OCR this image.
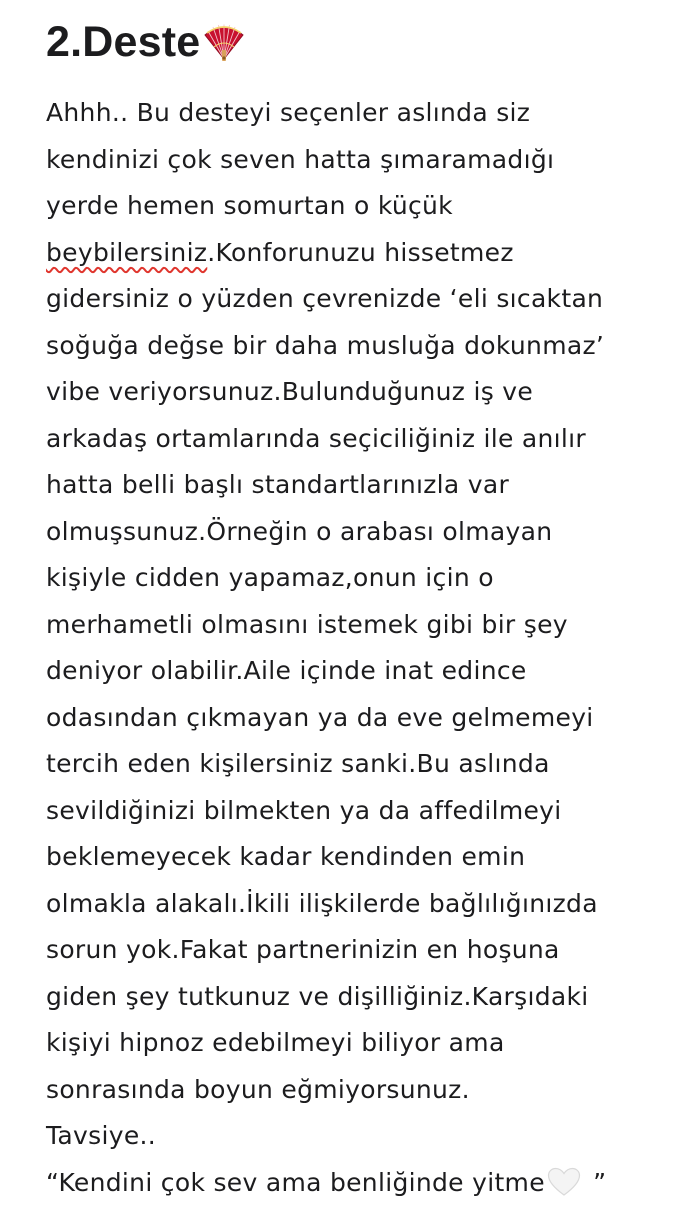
2.Deste
Ahhh.. Bu desteyi seçenler aslında siz
kendinizi çok seven hatta şımaramadığı
yerde hemen somurtan o küçük
beybilersiniz.Konforunuzu hissetmez
gidersiniz o yüzden çevrenizde ‘eli sıcaktan
soğuğa değse bir daha musluğa dokunmaz’
vibe veriyorsunuz.Bulunduğunuz iş ve
arkadaş ortamlarında seçiciliğiniz ile anılır
hatta belli başlı standartlarınızla var
olmuşsunuz.Örneğin o arabası olmayan
kişiyle cidden yapamaz,onun için o
merhametli olmasını istemek gibi bir şey
deniyor olabilir.Aile içinde inat edince
odasından çıkmayan ya da eve gelmemeyi
tercih eden kişilersiniz sanki.Bu aslında
sevildiğinizi bilmekten ya da affedilmeyi
beklemeyecek kadar kendinden emin
olmakla alakalı.İkili ilişkilerde bağlılığınızda
sorun yok.Fakat partnerinizin en hoşuna
giden şey tutkunuz ve dişilliğiniz.Karşıdaki
kişiyi hipnoz edebilmeyi biliyor ama
sonrasında boyun eğmiyorsunuz.
Tavsiye..
“Kendini çok sev ama benliğinde yitme ”
